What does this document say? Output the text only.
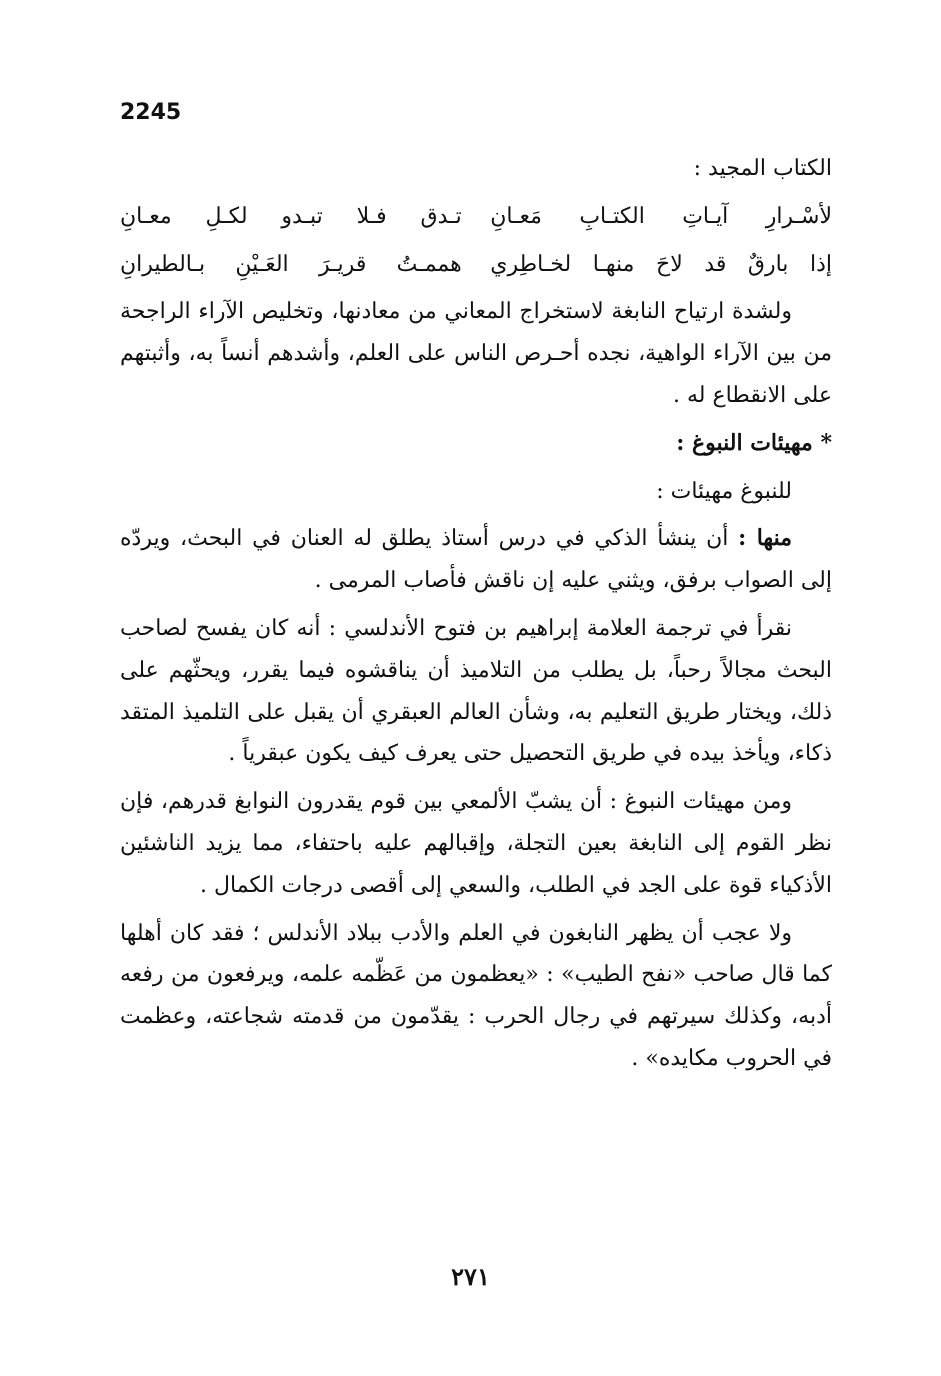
2245

الكتاب المجيد :

لأسْـرارِ آيـاتِ الكتـابِ مَعـانِ
تـدق فـلا تبـدو لكـلِ معـانِ
إذا بارقٌ قد لاحَ منهـا لخـاطِري
هممـتُ قريـرَ العَـيْنِ بـالطيرانِ

ولشدة ارتياح النابغة لاستخراج المعاني من معادنها، وتخليص الآراء الراجحة من بين الآراء الواهية، نجده أحـرص الناس على العلم، وأشدهم أنساً به، وأثبتهم على الانقطاع له .

* مهيئات النبوغ :

للنبوغ مهيئات :

منها : أن ينشأ الذكي في درس أستاذ يطلق له العنان في البحث، ويردّه إلى الصواب برفق، ويثني عليه إن ناقش فأصاب المرمى .

نقرأ في ترجمة العلامة إبراهيم بن فتوح الأندلسي : أنه كان يفسح لصاحب البحث مجالاً رحباً، بل يطلب من التلاميذ أن يناقشوه فيما يقرر، ويحثّهم على ذلك، ويختار طريق التعليم به، وشأن العالم العبقري أن يقبل على التلميذ المتقد ذكاء، ويأخذ بيده في طريق التحصيل حتى يعرف كيف يكون عبقرياً .

ومن مهيئات النبوغ : أن يشبّ الألمعي بين قوم يقدرون النوابغ قدرهم، فإن نظر القوم إلى النابغة بعين التجلة، وإقبالهم عليه باحتفاء، مما يزيد الناشئين الأذكياء قوة على الجد في الطلب، والسعي إلى أقصى درجات الكمال .

ولا عجب أن يظهر النابغون في العلم والأدب ببلاد الأندلس ؛ فقد كان أهلها كما قال صاحب «نفح الطيب» : «يعظمون من عَظّمه علمه، ويرفعون من رفعه أدبه، وكذلك سيرتهم في رجال الحرب : يقدّمون من قدمته شجاعته، وعظمت في الحروب مكايده» .

٢٧١
